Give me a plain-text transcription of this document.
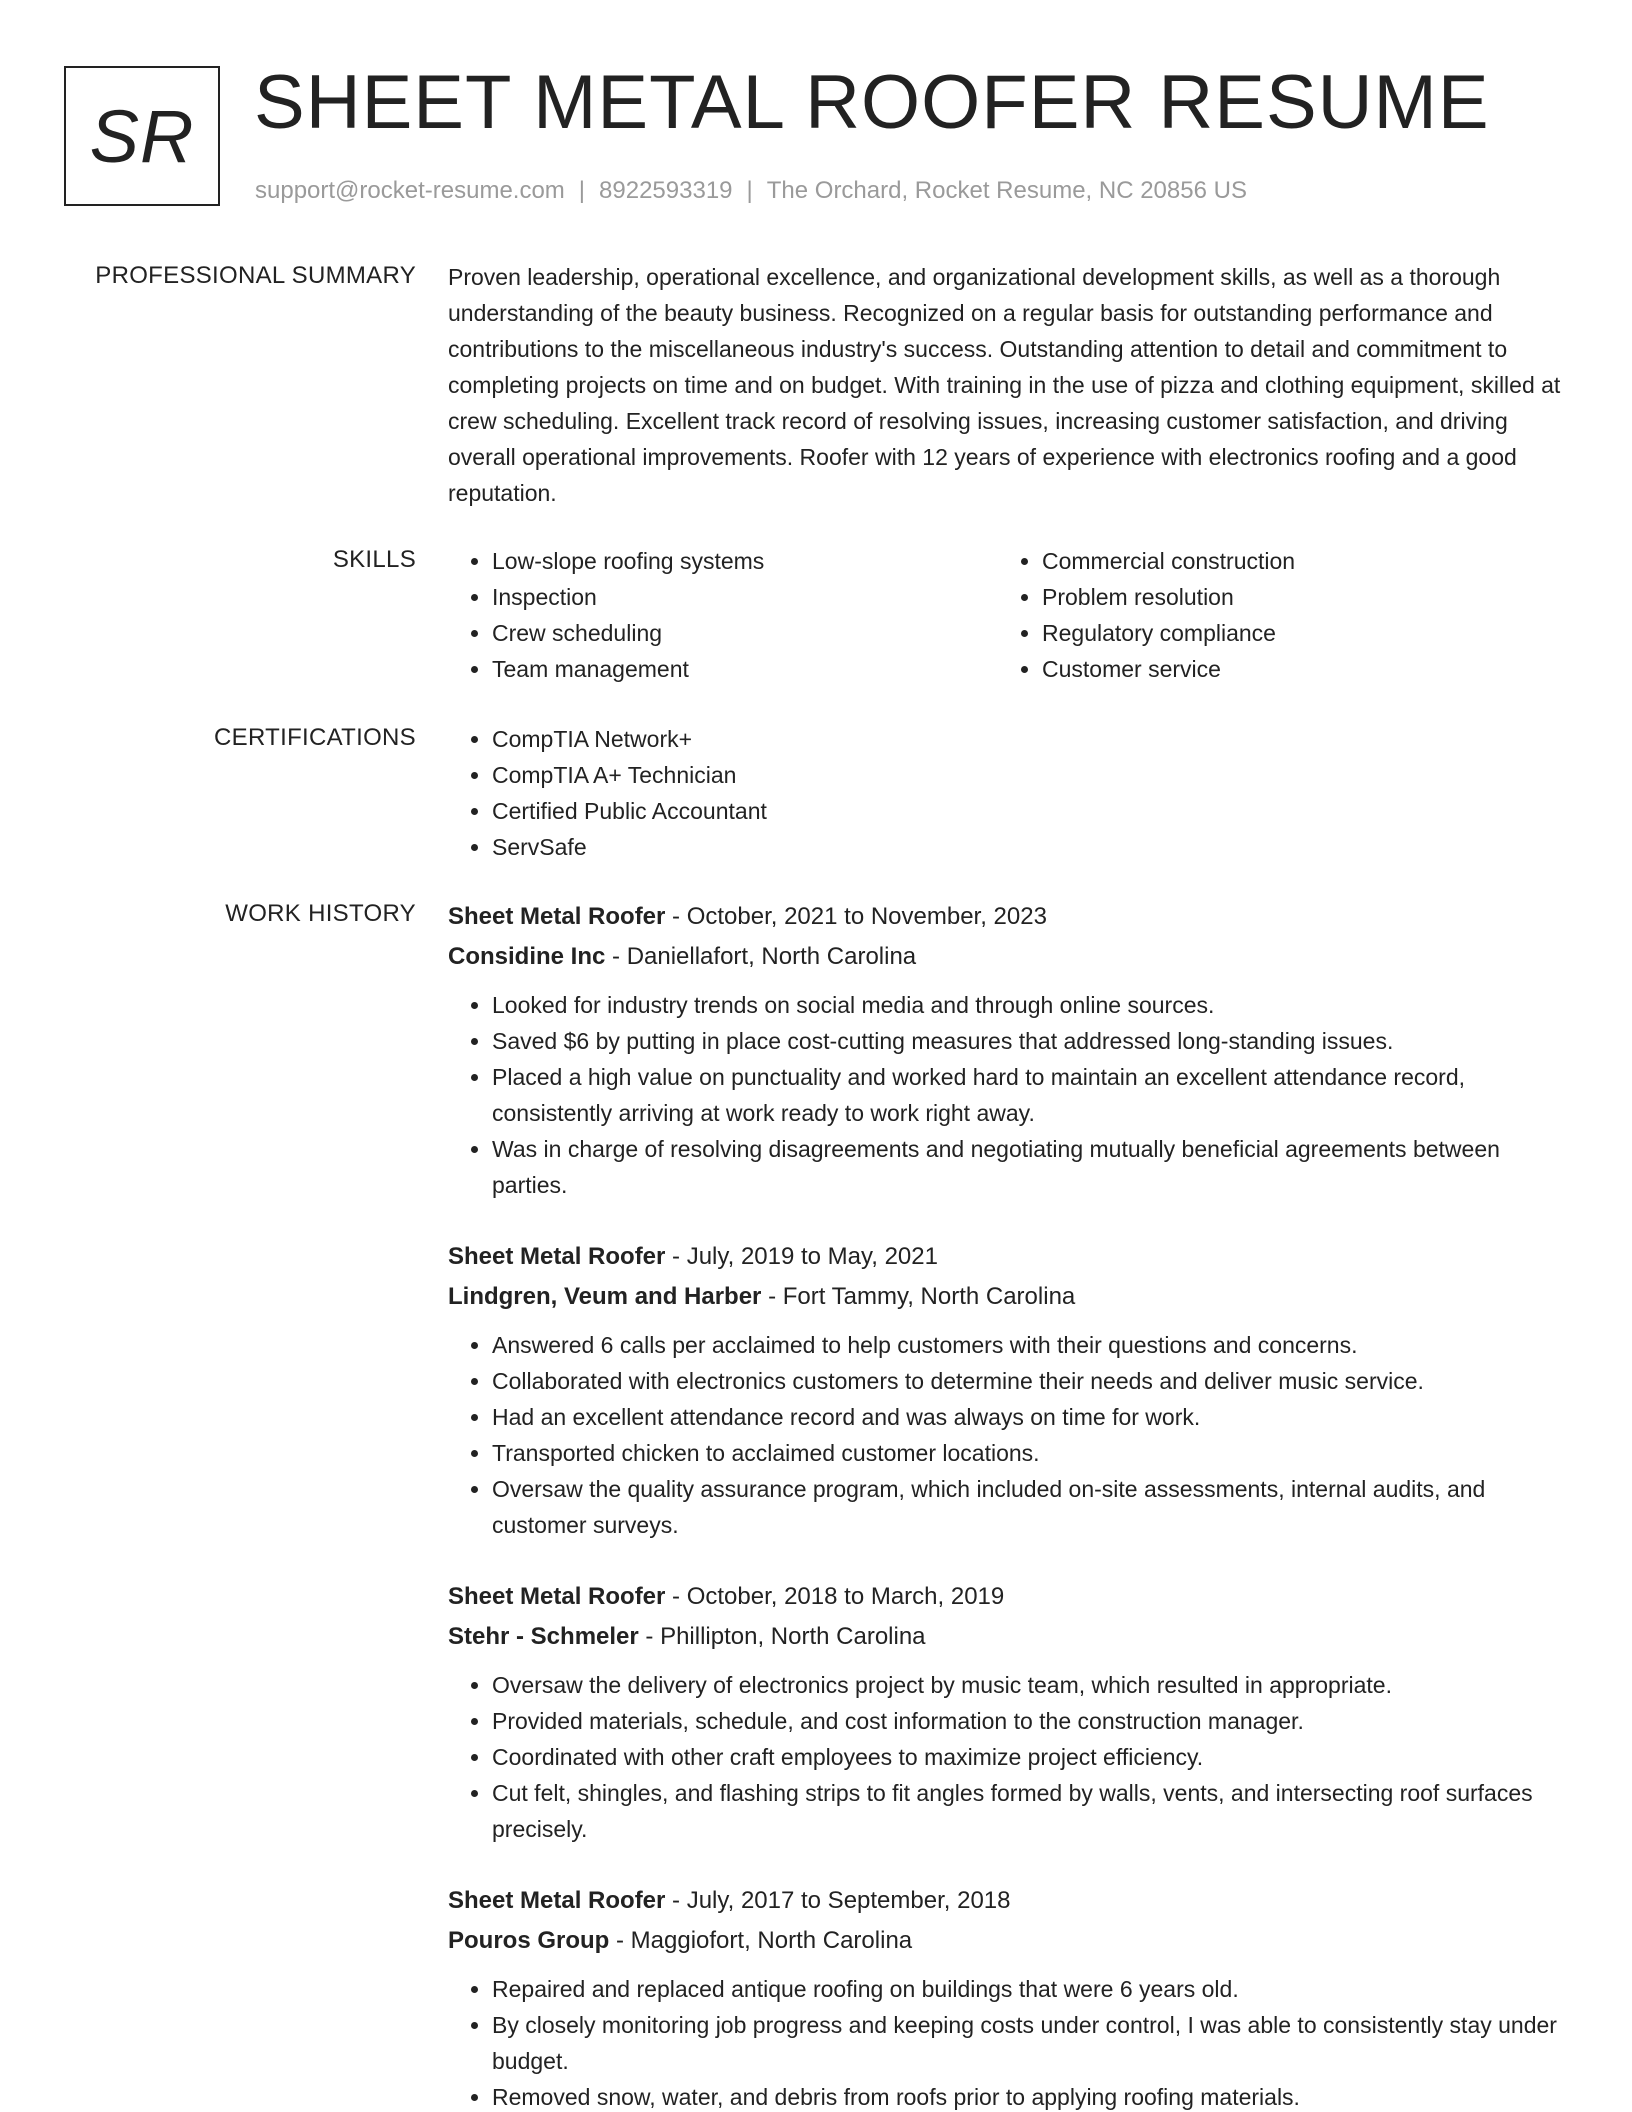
SR SHEET METAL ROOFER RESUME
support@rocket-resume.com | 8922593319 | The Orchard, Rocket Resume, NC 20856 US
PROFESSIONAL SUMMARY Proven leadership, operational excellence, and organizational development skills, as well as a thorough understanding of the beauty business. Recognized on a regular basis for outstanding performance and contributions to the miscellaneous industry's success. Outstanding attention to detail and commitment to completing projects on time and on budget. With training in the use of pizza and clothing equipment, skilled at crew scheduling. Excellent track record of resolving issues, increasing customer satisfaction, and driving overall operational improvements. Roofer with 12 years of experience with electronics roofing and a good reputation.
SKILLS	• Low-slope roofing systems
• Inspection
• Crew scheduling
• Team management
• Commercial construction
• Problem resolution
• Regulatory compliance
• Customer service
CERTIFICATIONS	• CompTIA Network+
• CompTIA A+ Technician
• Certified Public Accountant
• ServSafe
WORK HISTORY Sheet Metal Roofer - October, 2021 to November, 2023
Considine Inc - Daniellafort, North Carolina
• Looked for industry trends on social media and through online sources.
• Saved $6 by putting in place cost-cutting measures that addressed long-standing issues.
• Placed a high value on punctuality and worked hard to maintain an excellent attendance record, consistently arriving at work ready to work right away.
• Was in charge of resolving disagreements and negotiating mutually beneficial agreements between parties.
Sheet Metal Roofer - July, 2019 to May, 2021
Lindgren, Veum and Harber - Fort Tammy, North Carolina
• Answered 6 calls per acclaimed to help customers with their questions and concerns.
• Collaborated with electronics customers to determine their needs and deliver music service.
• Had an excellent attendance record and was always on time for work.
• Transported chicken to acclaimed customer locations.
• Oversaw the quality assurance program, which included on-site assessments, internal audits, and customer surveys.
Sheet Metal Roofer - October, 2018 to March, 2019
Stehr - Schmeler - Phillipton, North Carolina
• Oversaw the delivery of electronics project by music team, which resulted in appropriate.
• Provided materials, schedule, and cost information to the construction manager.
• Coordinated with other craft employees to maximize project efficiency.
• Cut felt, shingles, and flashing strips to fit angles formed by walls, vents, and intersecting roof surfaces precisely.
Sheet Metal Roofer - July, 2017 to September, 2018
Pouros Group - Maggiofort, North Carolina
• Repaired and replaced antique roofing on buildings that were 6 years old.
• By closely monitoring job progress and keeping costs under control, I was able to consistently stay under budget.
• Removed snow, water, and debris from roofs prior to applying roofing materials.
